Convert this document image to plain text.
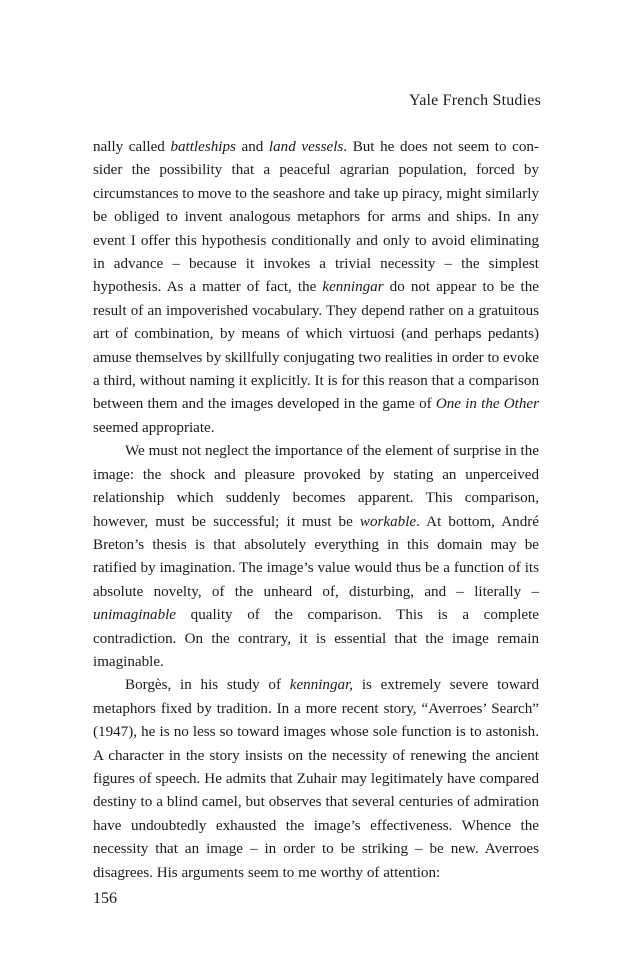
Yale French Studies

nally called battleships and land vessels. But he does not seem to consider the possibility that a peaceful agrarian population, forced by circumstances to move to the seashore and take up piracy, might similarly be obliged to invent analogous metaphors for arms and ships. In any event I offer this hypothesis conditionally and only to avoid eliminating in advance – because it invokes a trivial necessity – the simplest hypothesis. As a matter of fact, the kenningar do not appear to be the result of an impoverished vocabulary. They depend rather on a gratuitous art of combination, by means of which virtuosi (and perhaps pedants) amuse themselves by skillfully conjugating two realities in order to evoke a third, without naming it explicitly. It is for this reason that a comparison between them and the images developed in the game of One in the Other seemed appropriate.

We must not neglect the importance of the element of surprise in the image: the shock and pleasure provoked by stating an unperceived relationship which suddenly becomes apparent. This comparison, however, must be successful; it must be workable. At bottom, André Breton’s thesis is that absolutely everything in this domain may be ratified by imagination. The image’s value would thus be a function of its absolute novelty, of the unheard of, disturbing, and – literally – unimaginable quality of the comparison. This is a complete contradiction. On the contrary, it is essential that the image remain imaginable.

Borgès, in his study of kenningar, is extremely severe toward metaphors fixed by tradition. In a more recent story, “Averroes’ Search” (1947), he is no less so toward images whose sole function is to astonish. A character in the story insists on the necessity of renewing the ancient figures of speech. He admits that Zuhair may legitimately have compared destiny to a blind camel, but observes that several centuries of admiration have undoubtedly exhausted the image’s effectiveness. Whence the necessity that an image – in order to be striking – be new. Averroes disagrees. His arguments seem to me worthy of attention:

156
